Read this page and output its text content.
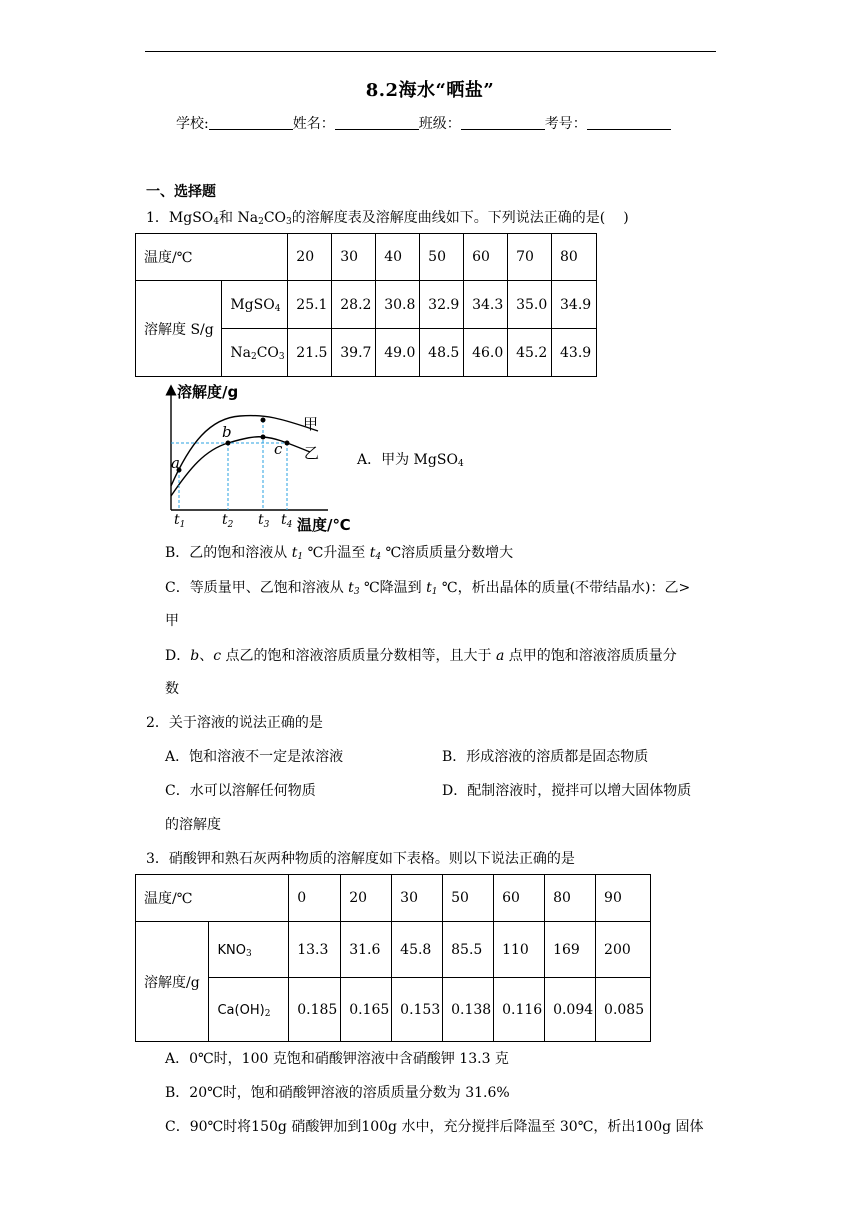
8.2海水“晒盐”
学校:	姓名：	班级：	考号：
一、选择题
1．MgSO$_4$和 $Na_2CO_3$的溶解度表及溶解度曲线如下。下列说法正确的是( )
温度/℃		20	30	40	50	60	70	80
溶解度 S/g	MgSO$_4$	25.1	28.2	30.8	32.9	34.3	35.0	34.9
	$Na_2CO_3$	21.5	39.7	49.0	48.5	46.0	45.2	43.9
溶解度/g
温度/℃
a
b
c
甲
乙
$t_1$	$t_2$ $t_3$ $t_4$
A．甲为 MgSO$_4$
B．乙的饱和溶液从 $t_1$ ℃升温至 $t_4$ ℃溶质质量分数增大
C．等质量甲、乙饱和溶液从 $t_3$ ℃降温到 $t_1$ ℃，析出晶体的质量(不带结晶水)：乙>
甲
D．b、c 点乙的饱和溶液溶质质量分数相等，且大于 a 点甲的饱和溶液溶质质量分
数
2．关于溶液的说法正确的是
A．饱和溶液不一定是浓溶液	B．形成溶液的溶质都是固态物质
C．水可以溶解任何物质	D．配制溶液时，搅拌可以增大固体物质
的溶解度
3．硝酸钾和熟石灰两种物质的溶解度如下表格。则以下说法正确的是
温度/℃		0	20	30	50	60	80	90
溶解度/g	$KNO_3$	13.3	31.6	45.8	85.5	110	169	200
	$Ca(OH)_2$	0.185	0.165	0.153	0.138	0.116	0.094	0.085
A．0℃时，100 克饱和硝酸钾溶液中含硝酸钾 13.3 克
B．20℃时，饱和硝酸钾溶液的溶质质量分数为 31.6%
C．90℃时将150g 硝酸钾加到100g 水中，充分搅拌后降温至 30℃，析出100g 固体
